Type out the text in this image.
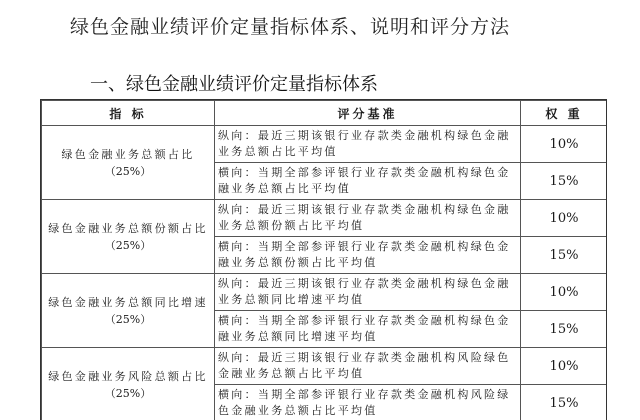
绿色金融业绩评价定量指标体系、说明和评分方法
一、绿色金融业绩评价定量指标体系
指 标	评分基准	权 重
绿色金融业务总额占比
（25%）	纵向：最近三期该银行业存款类金融机构绿色金融业务总额占比平均值	10%
	横向：当期全部参评银行业存款类金融机构绿色金融业务总额占比平均值	15%
绿色金融业务总额份额占比
（25%）	纵向：最近三期该银行业存款类金融机构绿色金融业务总额份额占比平均值	10%
	横向：当期全部参评银行业存款类金融机构绿色金融业务总额份额占比平均值	15%
绿色金融业务总额同比增速
（25%）	纵向：最近三期该银行业存款类金融机构绿色金融业务总额同比增速平均值	10%
	横向：当期全部参评银行业存款类金融机构绿色金融业务总额同比增速平均值	15%
绿色金融业务风险总额占比
（25%）	纵向：最近三期该银行业存款类金融机构风险绿色金融业务总额占比平均值	10%
	横向：当期全部参评银行业存款类金融机构风险绿色金融业务总额占比平均值	15%
